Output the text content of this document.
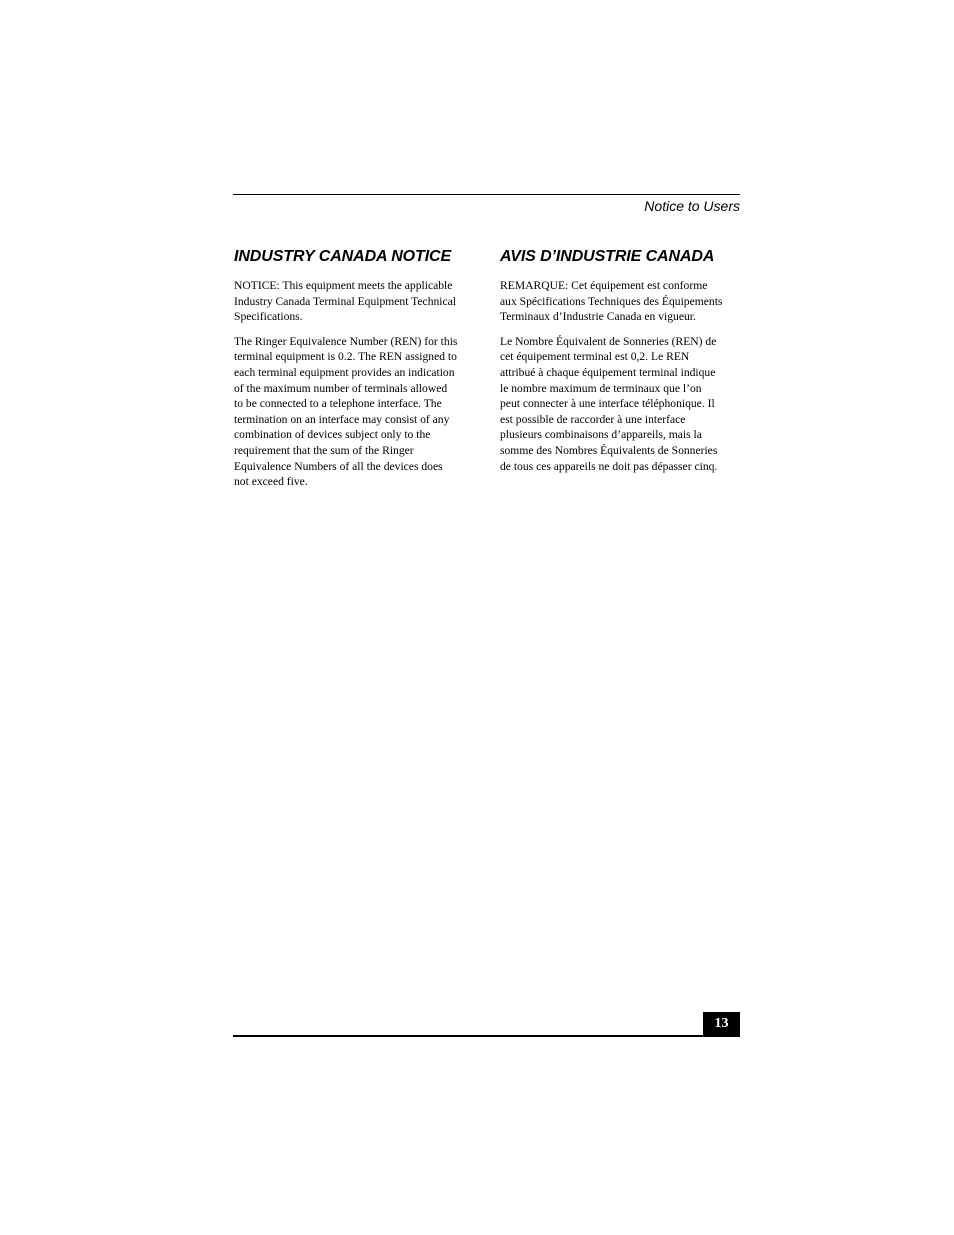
Notice to Users
INDUSTRY CANADA NOTICE

NOTICE: This equipment meets the applicable
Industry Canada Terminal Equipment Technical
Specifications.

The Ringer Equivalence Number (REN) for this
terminal equipment is 0.2. The REN assigned to
each terminal equipment provides an indication
of the maximum number of terminals allowed
to be connected to a telephone interface. The
termination on an interface may consist of any
combination of devices subject only to the
requirement that the sum of the Ringer
Equivalence Numbers of all the devices does
not exceed five.

AVIS D’INDUSTRIE CANADA

REMARQUE: Cet équipement est conforme
aux Spécifications Techniques des Équipements
Terminaux d’Industrie Canada en vigueur.

Le Nombre Équivalent de Sonneries (REN) de
cet équipement terminal est 0,2. Le REN
attribué à chaque équipement terminal indique
le nombre maximum de terminaux que l’on
peut connecter à une interface téléphonique. Il
est possible de raccorder à une interface
plusieurs combinaisons d’appareils, mais la
somme des Nombres Équivalents de Sonneries
de tous ces appareils ne doit pas dépasser cinq.

13
